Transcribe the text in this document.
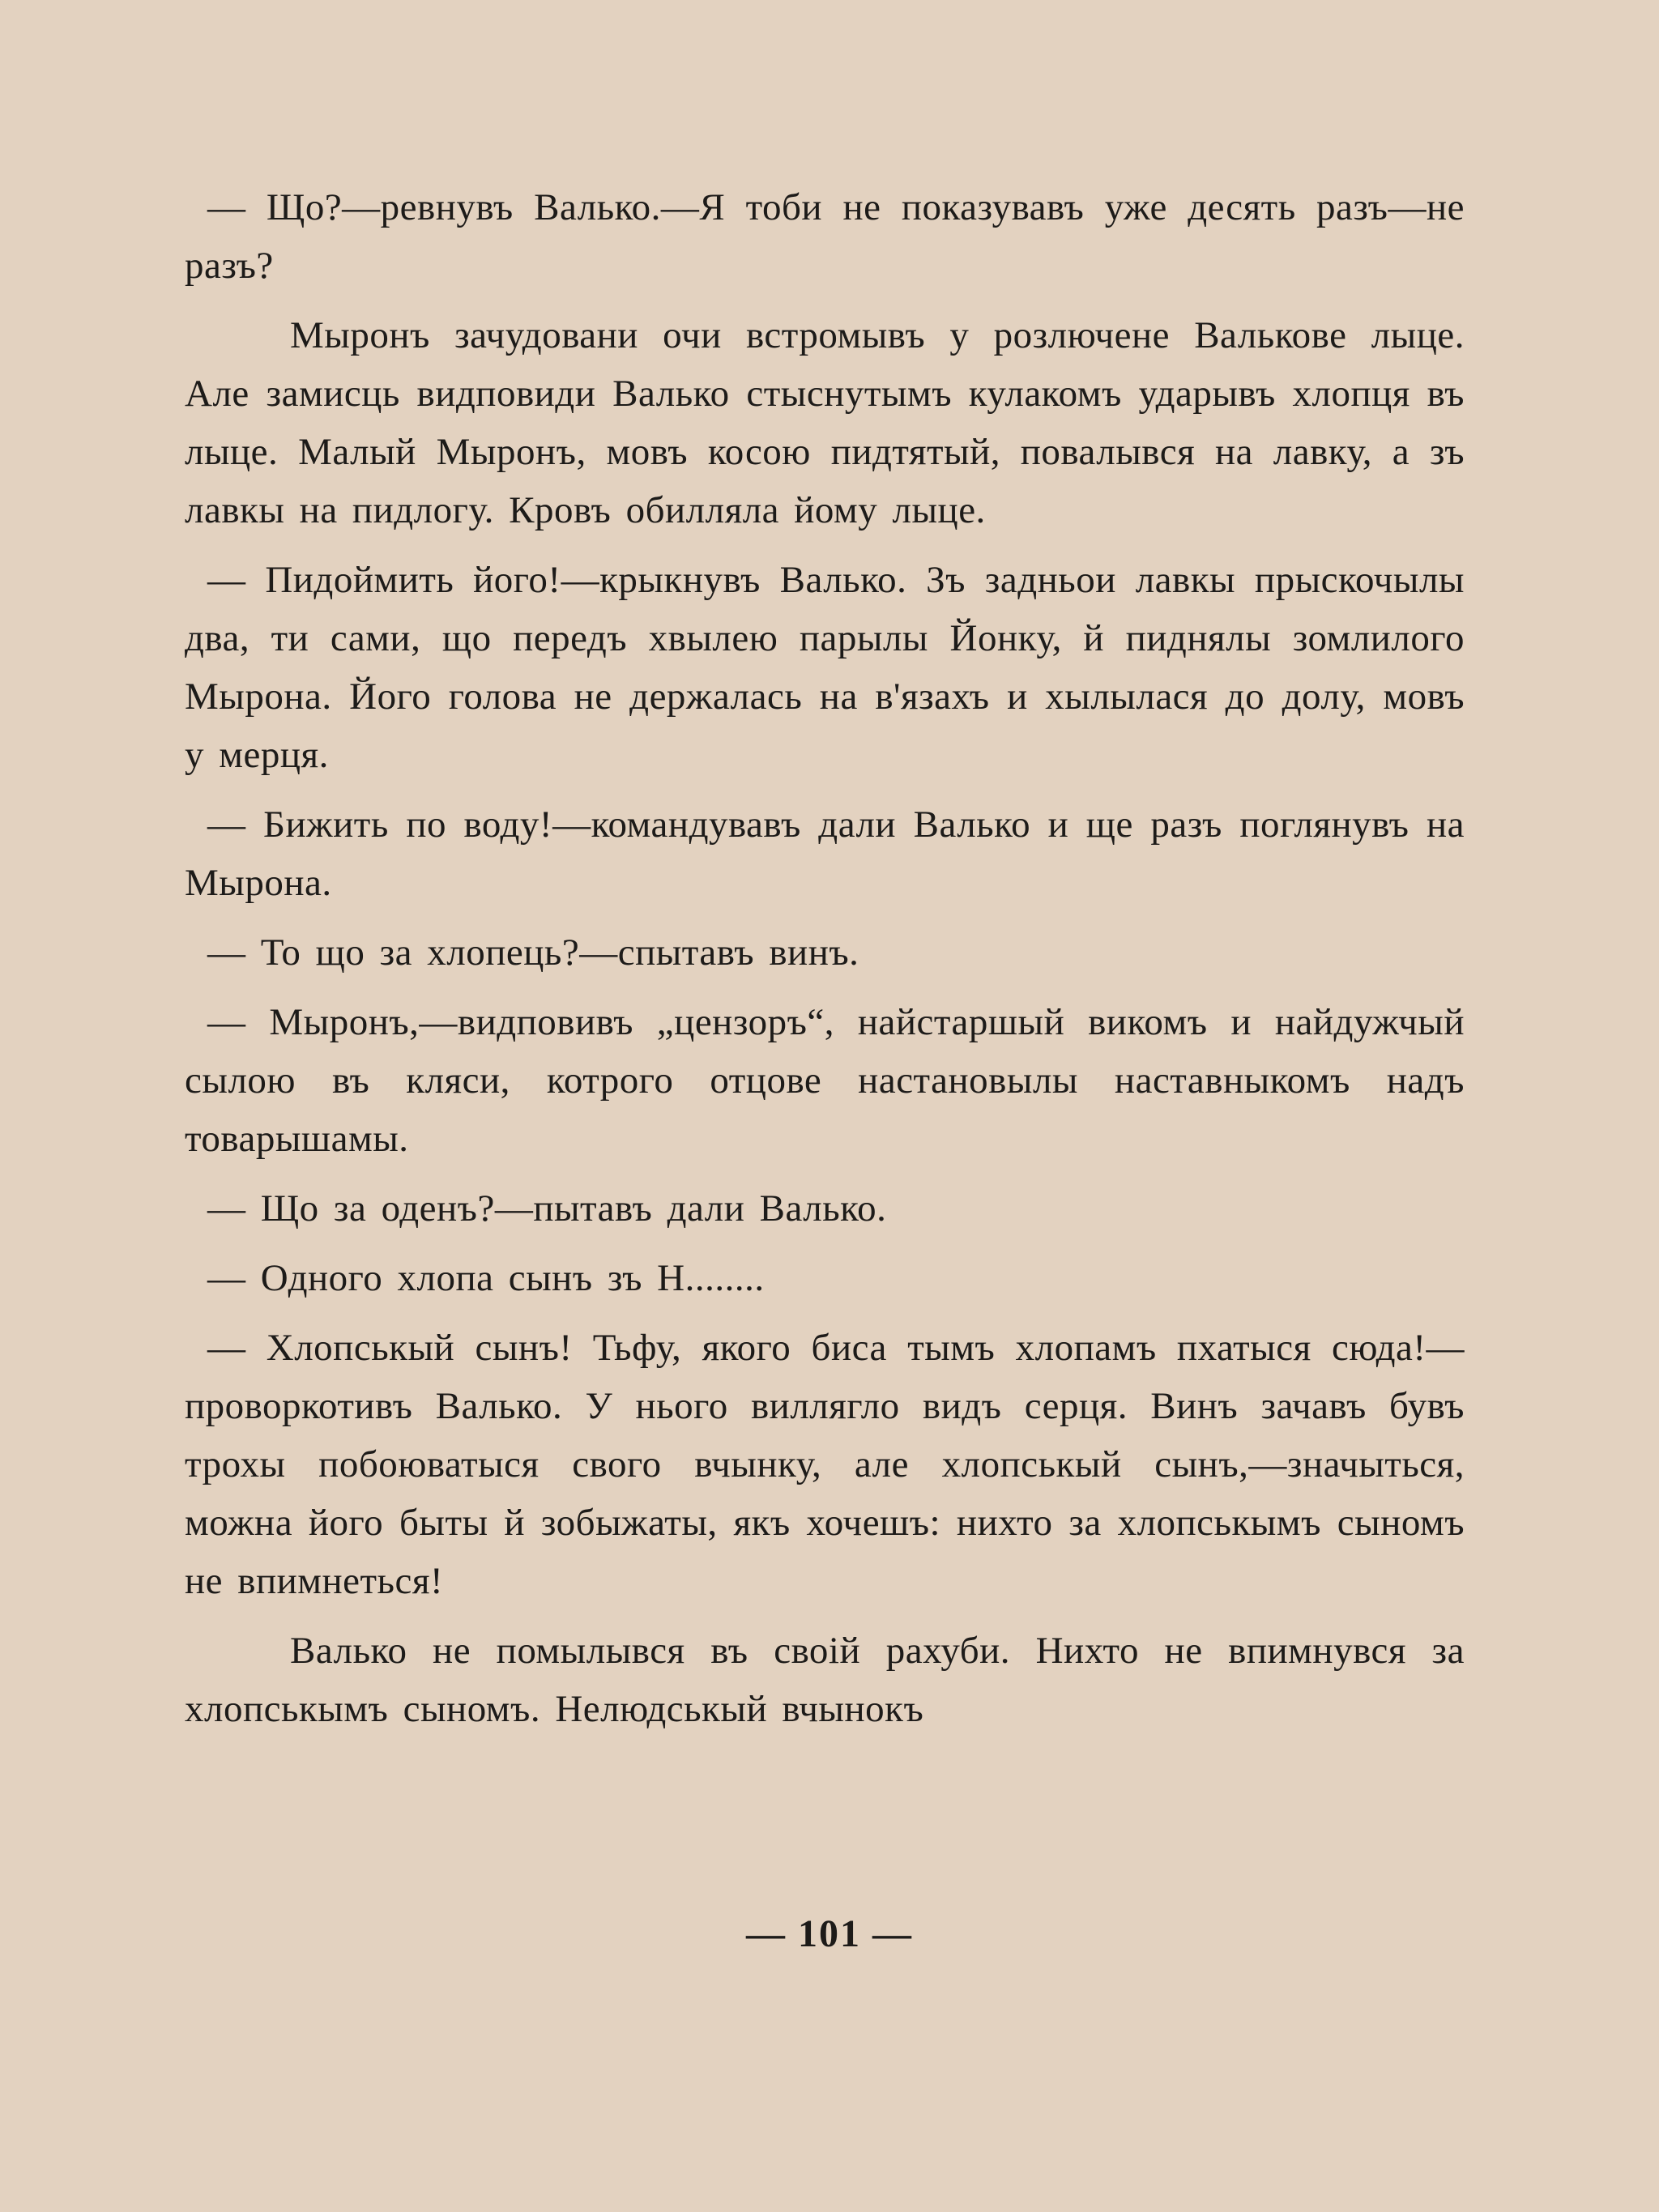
— Що?—ревнувъ Валько.—Я тоби не показувавъ уже десять разъ—не разъ?

Мыронъ зачудовани очи встромывъ у розлючене Валькове лыце. Але замисць видповиди Валько стыснутымъ кулакомъ ударывъ хлопця въ лыце. Малый Мыронъ, мовъ косою пидтятый, повалывся на лавку, а зъ лавкы на пидлогу. Кровъ обилляла йому лыце.

— Пидоймить його!—крыкнувъ Валько. Зъ задньои лавкы прыскочылы два, ти сами, що передъ хвылею парылы Йонку, й пиднялы зомлилого Мырона. Його голова не держалась на в'язахъ и хылылася до долу, мовъ у мерця.

— Бижить по воду!—командувавъ дали Валько и ще разъ поглянувъ на Мырона.

— То що за хлопець?—спытавъ винъ.

— Мыронъ,—видповивъ „цензоръ“, найстаршый викомъ и найдужчый сылою въ кляси, котрого отцове настановылы наставныкомъ надъ товарышамы.

— Що за оденъ?—пытавъ дали Валько.

— Одного хлопа сынъ зъ Н........

— Хлопськый сынъ! Тьфу, якого биса тымъ хлопамъ пхатыся сюда!—проворкотивъ Валько. У нього виллягло видъ серця. Винъ зачавъ бувъ трохы побоюватыся свого вчынку, але хлопськый сынъ,—значыться, можна його быты й зобыжаты, якъ хочешъ: нихто за хлопськымъ сыномъ не впимнеться!

Валько не помылывся въ своій рахуби. Нихто не впимнувся за хлопськымъ сыномъ. Нелюдськый вчынокъ

— 101 —
